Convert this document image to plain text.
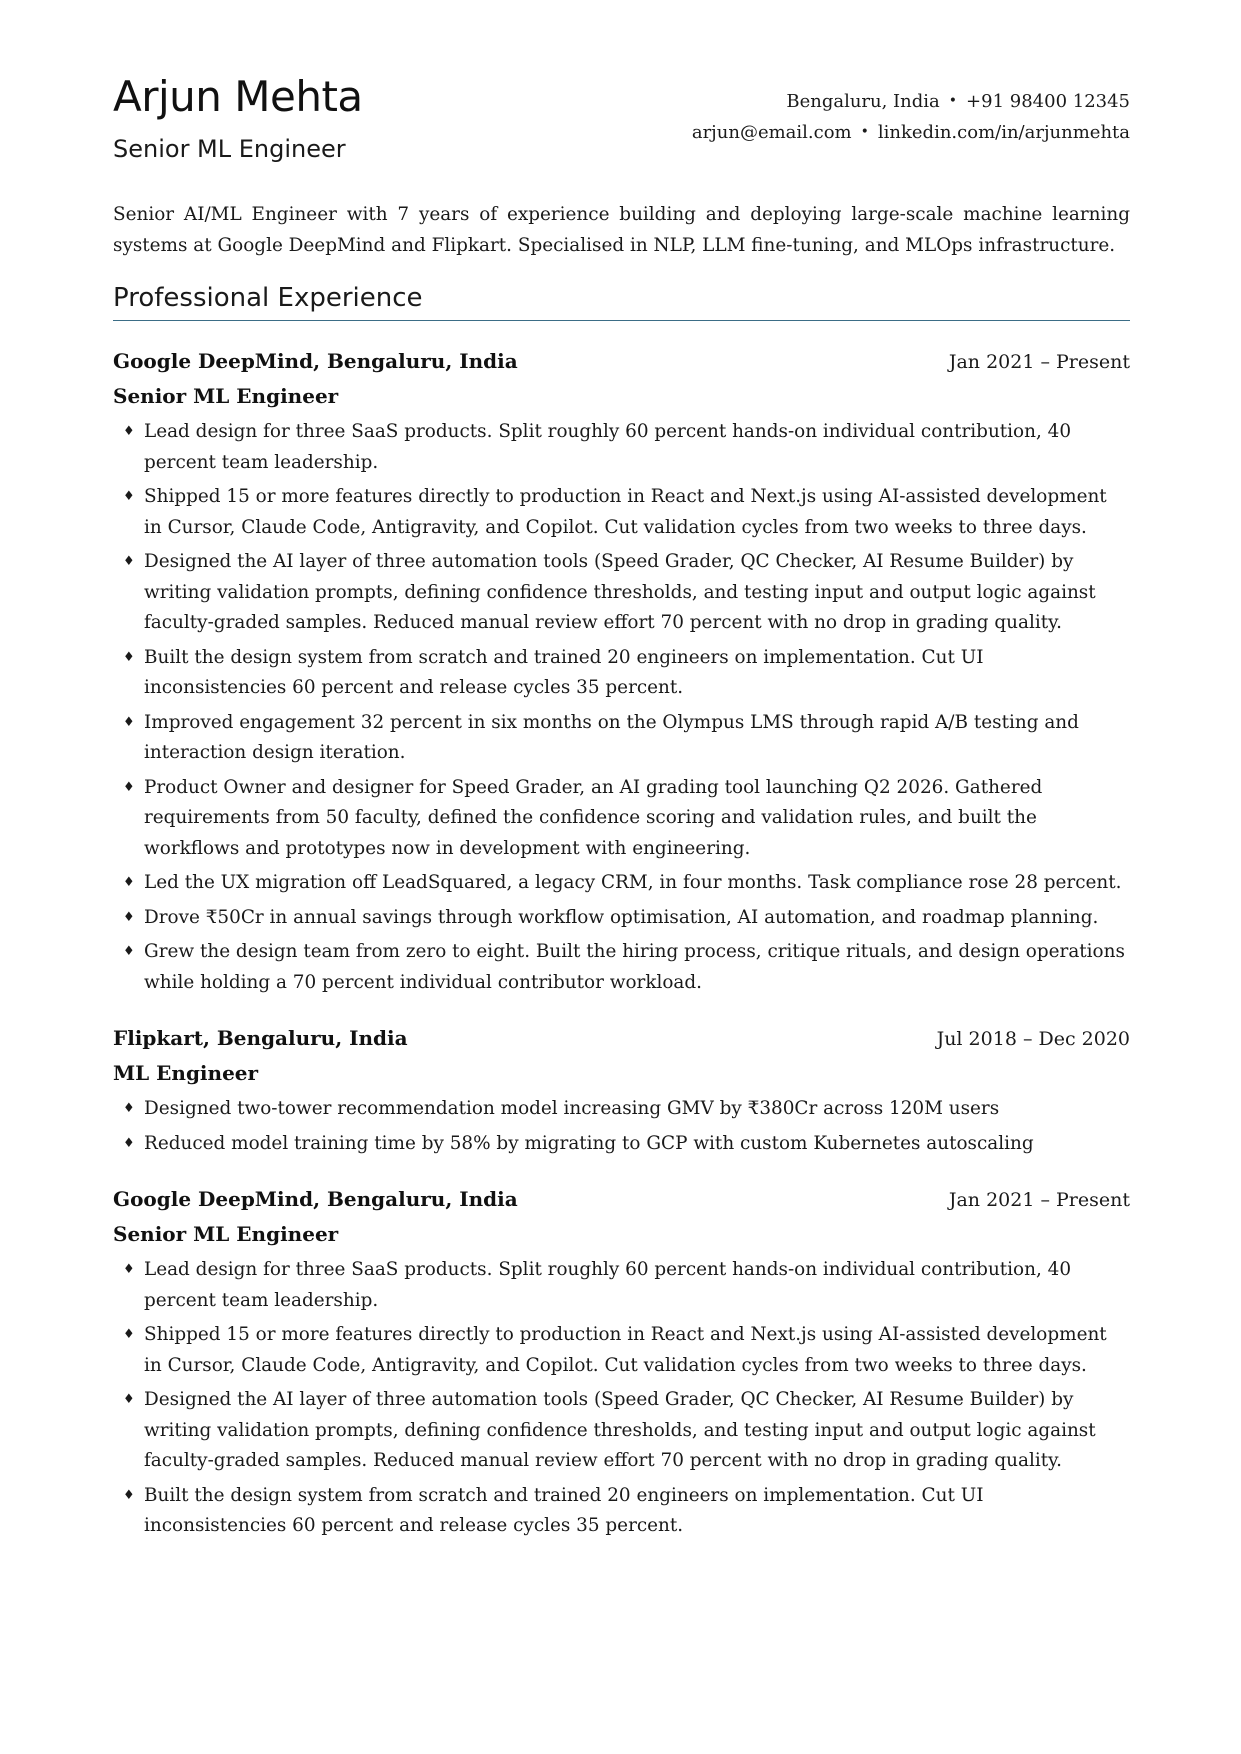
Arjun Mehta
Senior ML Engineer
Bengaluru, India • +91 98400 12345
arjun@email.com • linkedin.com/in/arjunmehta
Senior AI/ML Engineer with 7 years of experience building and deploying large-scale machine learning systems at Google DeepMind and Flipkart. Specialised in NLP, LLM fine-tuning, and MLOps infrastructure.
Professional Experience
Google DeepMind, Bengaluru, India	Jan 2021 – Present
Senior ML Engineer
♦ Lead design for three SaaS products. Split roughly 60 percent hands-on individual contribution, 40 percent team leadership.
♦ Shipped 15 or more features directly to production in React and Next.js using AI-assisted development in Cursor, Claude Code, Antigravity, and Copilot. Cut validation cycles from two weeks to three days.
♦ Designed the AI layer of three automation tools (Speed Grader, QC Checker, AI Resume Builder) by writing validation prompts, defining confidence thresholds, and testing input and output logic against faculty-graded samples. Reduced manual review effort 70 percent with no drop in grading quality.
♦ Built the design system from scratch and trained 20 engineers on implementation. Cut UI inconsistencies 60 percent and release cycles 35 percent.
♦ Improved engagement 32 percent in six months on the Olympus LMS through rapid A/B testing and interaction design iteration.
♦ Product Owner and designer for Speed Grader, an AI grading tool launching Q2 2026. Gathered requirements from 50 faculty, defined the confidence scoring and validation rules, and built the workflows and prototypes now in development with engineering.
♦ Led the UX migration off LeadSquared, a legacy CRM, in four months. Task compliance rose 28 percent.
♦ Drove ₹50Cr in annual savings through workflow optimisation, AI automation, and roadmap planning.
♦ Grew the design team from zero to eight. Built the hiring process, critique rituals, and design operations while holding a 70 percent individual contributor workload.
Flipkart, Bengaluru, India	Jul 2018 – Dec 2020
ML Engineer
♦ Designed two-tower recommendation model increasing GMV by ₹380Cr across 120M users
♦ Reduced model training time by 58% by migrating to GCP with custom Kubernetes autoscaling
Google DeepMind, Bengaluru, India	Jan 2021 – Present
Senior ML Engineer
♦ Lead design for three SaaS products. Split roughly 60 percent hands-on individual contribution, 40 percent team leadership.
♦ Shipped 15 or more features directly to production in React and Next.js using AI-assisted development in Cursor, Claude Code, Antigravity, and Copilot. Cut validation cycles from two weeks to three days.
♦ Designed the AI layer of three automation tools (Speed Grader, QC Checker, AI Resume Builder) by writing validation prompts, defining confidence thresholds, and testing input and output logic against faculty-graded samples. Reduced manual review effort 70 percent with no drop in grading quality.
♦ Built the design system from scratch and trained 20 engineers on implementation. Cut UI inconsistencies 60 percent and release cycles 35 percent.
